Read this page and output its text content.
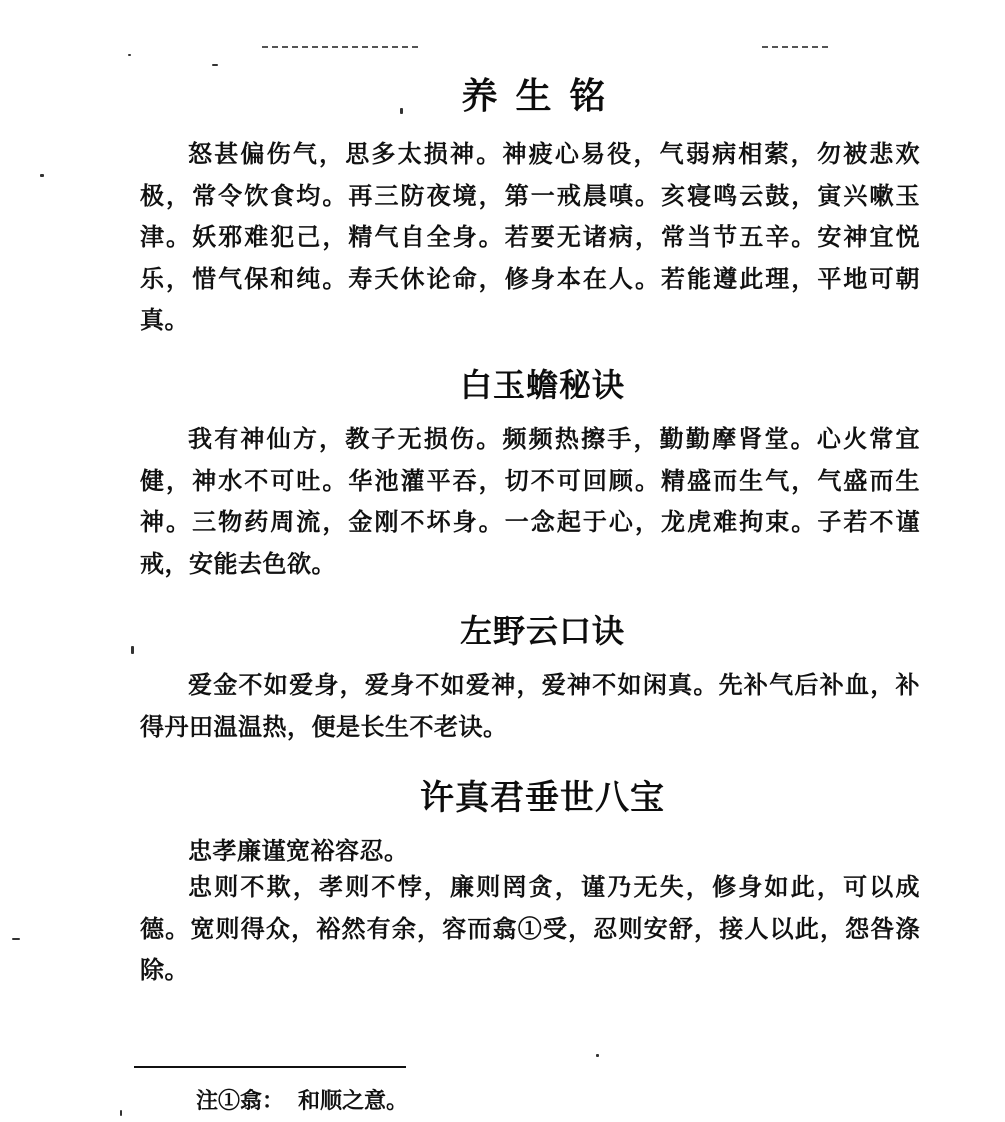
养生铭

怒甚偏伤气，思多太损神。神疲心易役，气弱病相萦，勿被悲欢极，常令饮食均。再三防夜境，第一戒晨嗔。亥寝鸣云鼓，寅兴嗽玉津。妖邪难犯己，精气自全身。若要无诸病，常当节五辛。安神宜悦乐，惜气保和纯。寿夭休论命，修身本在人。若能遵此理，平地可朝真。

白玉蟾秘诀

我有神仙方，教子无损伤。频频热擦手，勤勤摩肾堂。心火常宜健，神水不可吐。华池灌平吞，切不可回顾。精盛而生气，气盛而生神。三物药周流，金刚不坏身。一念起于心，龙虎难拘束。子若不谨戒，安能去色欲。

左野云口诀

爱金不如爱身，爱身不如爱神，爱神不如闲真。先补气后补血，补得丹田温温热，便是长生不老诀。

许真君垂世八宝

忠孝廉谨宽裕容忍。

忠则不欺，孝则不悖，廉则罔贪，谨乃无失，修身如此，可以成德。宽则得众，裕然有余，容而翕①受，忍则安舒，接人以此，怨咎涤除。

注①翕： 和顺之意。
